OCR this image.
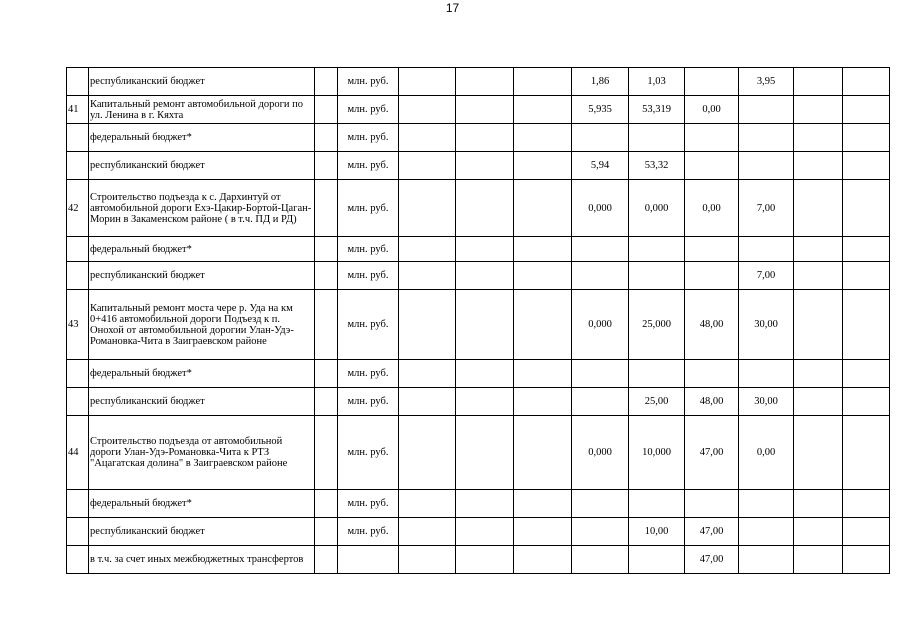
17
	республиканский бюджет		млн. руб.				1,86	1,03		3,95		
41	Капитальный ремонт автомобильной дороги по ул. Ленина в г. Кяхта		млн. руб.				5,935	53,319	0,00			
	федеральный бюджет*		млн. руб.									
	республиканский бюджет		млн. руб.				5,94	53,32				
42	Строительство подъезда к с. Дархинтуй от автомобильной дороги Ехэ-Цакир-Бортой-Цаган-Морин в Закаменском районе ( в т.ч. ПД и РД)		млн. руб.				0,000	0,000	0,00	7,00		
	федеральный бюджет*		млн. руб.									
	республиканский бюджет		млн. руб.							7,00		
43	Капитальный ремонт моста чере р. Уда на км 0+416 автомобильной дороги Подъезд к п. Онохой от автомобильной дорогии Улан-Удэ-Романовка-Чита в Заиграевском районе		млн. руб.				0,000	25,000	48,00	30,00		
	федеральный бюджет*		млн. руб.									
	республиканский бюджет		млн. руб.					25,00	48,00	30,00		
44	Строительство подъезда от автомобильной дороги Улан-Удэ-Романовка-Чита к РТЗ "Ацагатская долина" в Заиграевском районе		млн. руб.				0,000	10,000	47,00	0,00		
	федеральный бюджет*		млн. руб.									
	республиканский бюджет		млн. руб.					10,00	47,00			
	в т.ч. за счет иных межбюджетных трансфертов								47,00			
